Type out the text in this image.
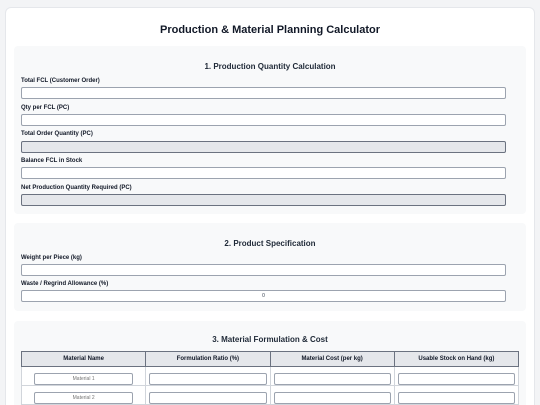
Production & Material Planning Calculator
1. Production Quantity Calculation
Total FCL (Customer Order)
Qty per FCL (PC)
Total Order Quantity (PC)
Balance FCL in Stock
Net Production Quantity Required (PC)
2. Product Specification
Weight per Piece (kg)
Waste / Regrind Allowance (%)
0
3. Material Formulation & Cost
Material Name	Formulation Ratio (%)	Material Cost (per kg)	Usable Stock on Hand (kg)
Material 1			
Material 2			
